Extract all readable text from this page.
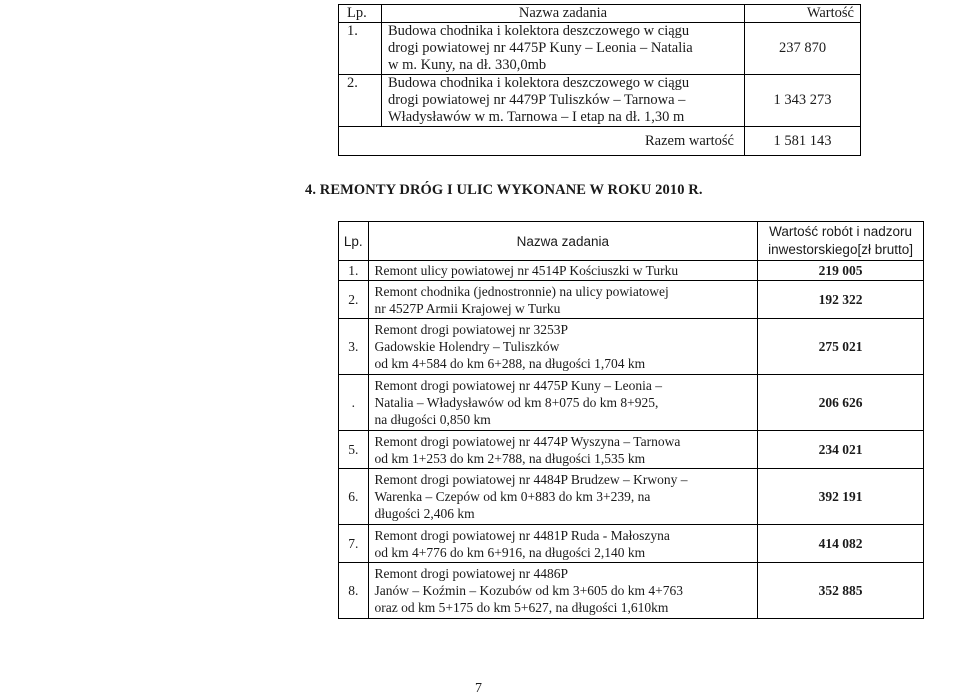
Lp.	Nazwa zadania	Wartość
1.	Budowa chodnika i kolektora deszczowego w ciągu
drogi powiatowej nr 4475P Kuny – Leonia – Natalia
w m. Kuny, na dł. 330,0mb	237 870
2.	Budowa chodnika i kolektora deszczowego w ciągu
drogi powiatowej nr 4479P Tuliszków – Tarnowa –
Władysławów w m. Tarnowa – I etap na dł. 1,30 m	1 343 273
Razem wartość		1 581 143
4. REMONTY DRÓG I ULIC WYKONANE W ROKU 2010 R.
Lp.	Nazwa zadania	Wartość robót i nadzoru
inwestorskiego[zł brutto]

1.	Remont ulicy powiatowej nr 4514P Kościuszki w Turku	219 005
2.	Remont chodnika (jednostronnie) na ulicy powiatowej
nr 4527P Armii Krajowej w Turku	192 322
3.	Remont drogi powiatowej nr 3253P
Gadowskie Holendry – Tuliszków
od km 4+584 do km 6+288, na długości 1,704 km	275 021
.	Remont drogi powiatowej nr 4475P Kuny – Leonia –
Natalia – Władysławów od km 8+075 do km 8+925,
na długości 0,850 km	206 626
5.	Remont drogi powiatowej nr 4474P Wyszyna – Tarnowa
od km 1+253 do km 2+788, na długości 1,535 km	234 021
6.	Remont drogi powiatowej nr 4484P Brudzew – Krwony –
Warenka – Czepów od km 0+883 do km 3+239, na
długości 2,406 km	392 191
7.	Remont drogi powiatowej nr 4481P Ruda - Małoszyna
od km 4+776 do km 6+916, na długości 2,140 km	414 082
8.	Remont drogi powiatowej nr 4486P
Janów – Koźmin – Kozubów od km 3+605 do km 4+763
oraz od km 5+175 do km 5+627, na długości 1,610km	352 885
7
